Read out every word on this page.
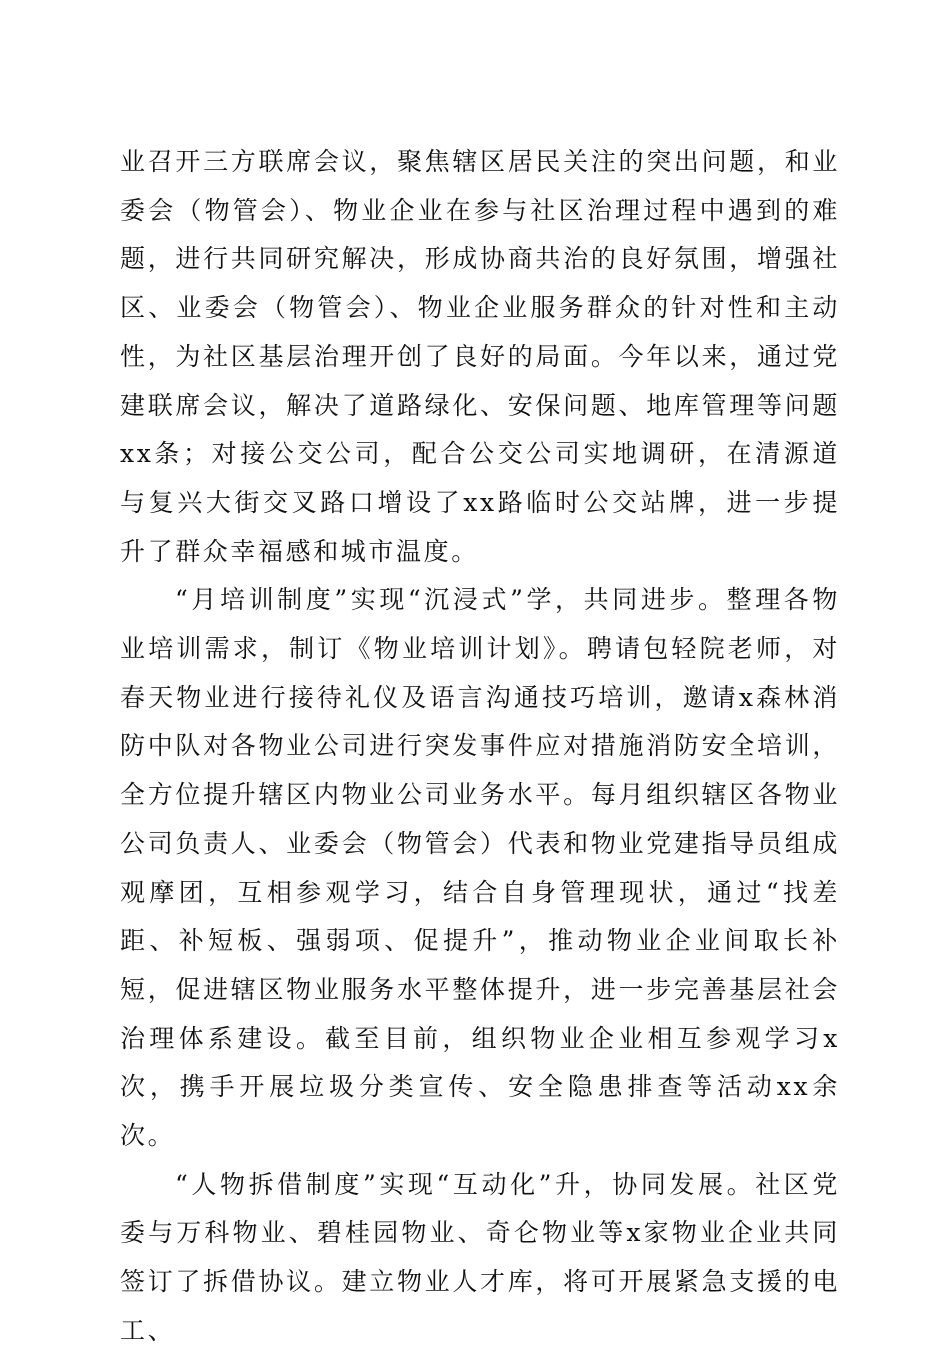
业召开三方联席会议，聚焦辖区居民关注的突出问题，和业委会（物管会）、物业企业在参与社区治理过程中遇到的难题，进行共同研究解决，形成协商共治的良好氛围，增强社区、业委会（物管会）、物业企业服务群众的针对性和主动性，为社区基层治理开创了良好的局面。今年以来，通过党建联席会议，解决了道路绿化、安保问题、地库管理等问题xx条；对接公交公司，配合公交公司实地调研，在清源道与复兴大街交叉路口增设了xx路临时公交站牌，进一步提升了群众幸福感和城市温度。

“月培训制度”实现“沉浸式”学，共同进步。整理各物业培训需求，制订《物业培训计划》。聘请包轻院老师，对春天物业进行接待礼仪及语言沟通技巧培训，邀请x森林消防中队对各物业公司进行突发事件应对措施消防安全培训，全方位提升辖区内物业公司业务水平。每月组织辖区各物业公司负责人、业委会（物管会）代表和物业党建指导员组成观摩团，互相参观学习，结合自身管理现状，通过“找差距、补短板、强弱项、促提升”，推动物业企业间取长补短，促进辖区物业服务水平整体提升，进一步完善基层社会治理体系建设。截至目前，组织物业企业相互参观学习x次，携手开展垃圾分类宣传、安全隐患排查等活动xx余次。

“人物拆借制度”实现“互动化”升，协同发展。社区党委与万科物业、碧桂园物业、奇仑物业等x家物业企业共同签订了拆借协议。建立物业人才库，将可开展紧急支援的电工、
